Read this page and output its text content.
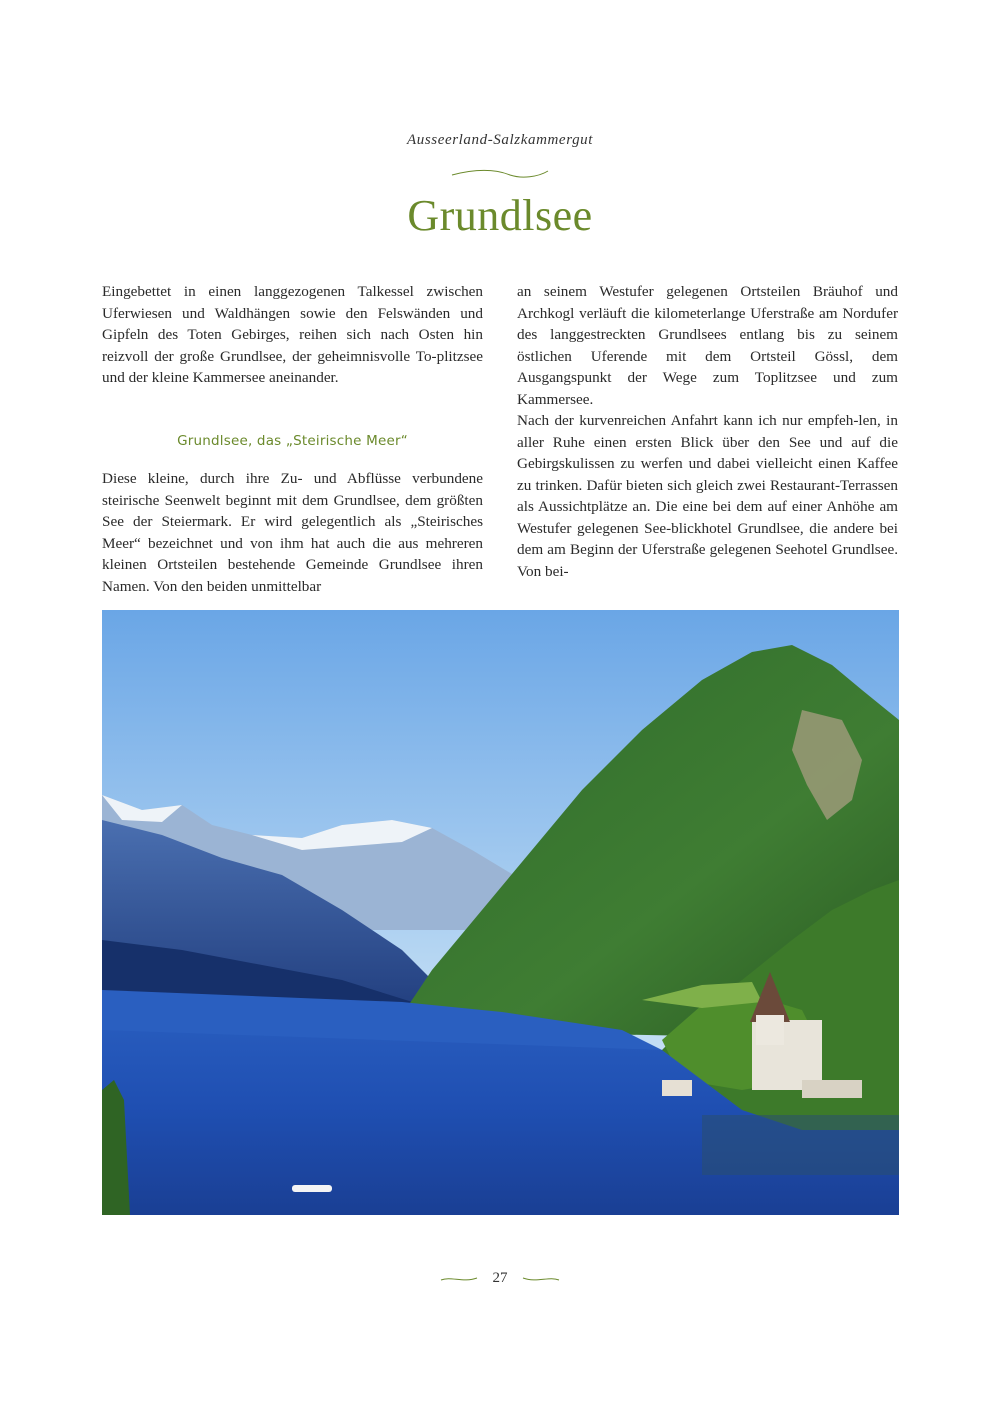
Ausseerland-Salzkammergut
Grundlsee

Eingebettet in einen langgezogenen Talkessel zwischen Uferwiesen und Waldhängen sowie den Felswänden und Gipfeln des Toten Gebirges, reihen sich nach Osten hin reizvoll der große Grundlsee, der geheimnisvolle To-plitzsee und der kleine Kammersee aneinander.

Grundlsee, das „Steirische Meer“

Diese kleine, durch ihre Zu- und Abflüsse verbundene steirische Seenwelt beginnt mit dem Grundlsee, dem größten See der Steiermark. Er wird gelegentlich als „Steirisches Meer“ bezeichnet und von ihm hat auch die aus mehreren kleinen Ortsteilen bestehende Gemeinde Grundlsee ihren Namen. Von den beiden unmittelbar

an seinem Westufer gelegenen Ortsteilen Bräuhof und Archkogl verläuft die kilometerlange Uferstraße am Nordufer des langgestreckten Grundlsees entlang bis zu seinem östlichen Uferende mit dem Ortsteil Gössl, dem Ausgangspunkt der Wege zum Toplitzsee und zum Kammersee.

Nach der kurvenreichen Anfahrt kann ich nur empfeh-len, in aller Ruhe einen ersten Blick über den See und auf die Gebirgskulissen zu werfen und dabei vielleicht einen Kaffee zu trinken. Dafür bieten sich gleich zwei Restaurant-Terrassen als Aussichtplätze an. Die eine bei dem auf einer Anhöhe am Westufer gelegenen See-blickhotel Grundlsee, die andere bei dem am Beginn der Uferstraße gelegenen Seehotel Grundlsee. Von bei-

27
